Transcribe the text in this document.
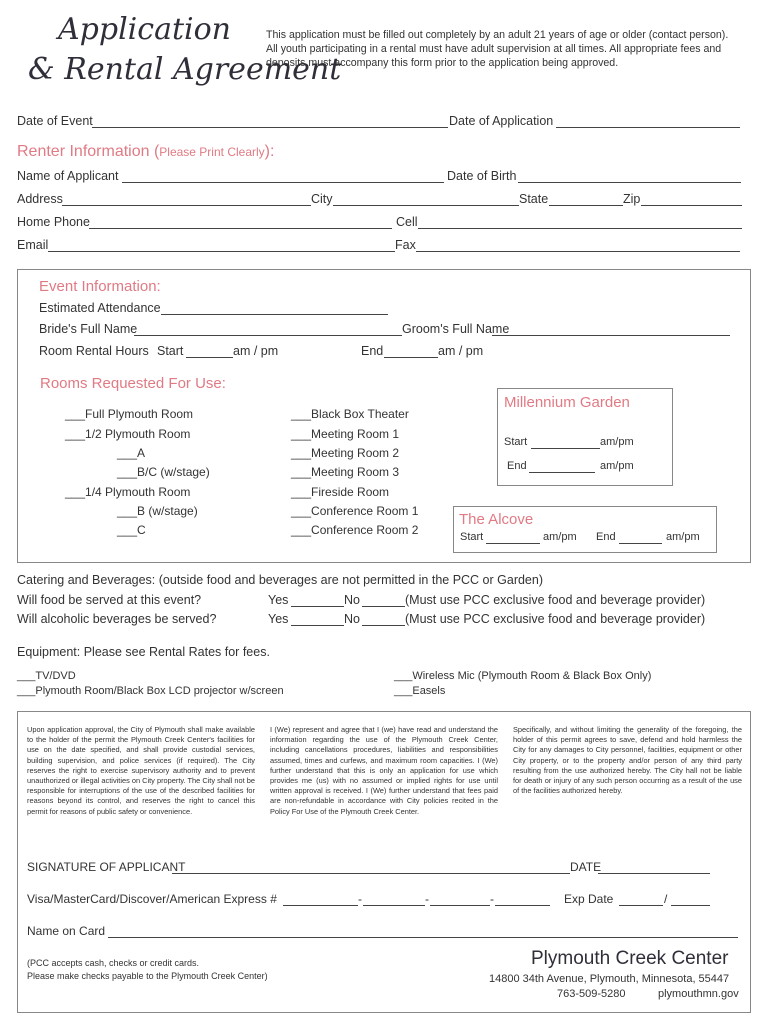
Application
& Rental Agreement
This application must be filled out completely by an adult 21 years of age or older (contact person).
All youth participating in a rental must have adult supervision at all times. All appropriate fees and
deposits must accompany this form prior to the application being approved.
Date of Event	Date of Application
Renter Information (Please Print Clearly):
Name of Applicant	Date of Birth
Address	City	State	Zip
Home Phone	Cell
Email	Fax
Event Information:
Estimated Attendance
Bride's Full Name	Groom's Full Name
Room Rental Hours Start	am / pm	End	am / pm
Rooms Requested For Use:
___Full Plymouth Room
___1/2 Plymouth Room
___A
___B/C (w/stage)
___1/4 Plymouth Room
___B (w/stage)
___C
___Black Box Theater
___Meeting Room 1
___Meeting Room 2
___Meeting Room 3
___Fireside Room
___Conference Room 1
___Conference Room 2
Millennium Garden
Start	am/pm
End	am/pm
The Alcove
Start	am/pm End	am/pm
Catering and Beverages: (outside food and beverages are not permitted in the PCC or Garden)
Will food be served at this event?	Yes	No	(Must use PCC exclusive food and beverage provider)
Will alcoholic beverages be served?	Yes	No	(Must use PCC exclusive food and beverage provider)
Equipment: Please see Rental Rates for fees.
___TV/DVD
___Plymouth Room/Black Box LCD projector w/screen
___Wireless Mic (Plymouth Room & Black Box Only)
___Easels
Upon application approval, the City of Plymouth shall make available to the holder of the permit the Plymouth Creek Center's facilities for use on the date specified, and shall provide custodial services, building supervision, and police services (if required). The City reserves the right to exercise supervisory authority and to prevent unauthorized or illegal activities on City property. The City shall not be responsible for interruptions of the use of the described facilities for reasons beyond its control, and reserves the right to cancel this permit for reasons of public safety or convenience.
I (We) represent and agree that I (we) have read and understand the information regarding the use of the Plymouth Creek Center, including cancellations procedures, liabilities and responsibilities assumed, times and curfews, and maximum room capacities. I (We) further understand that this is only an application for use which provides me (us) with no assumed or implied rights for use until written approval is received. I (We) further understand that fees paid are non-refundable in accordance with City policies recited in the Policy For Use of the Plymouth Creek Center.
Specifically, and without limiting the generality of the foregoing, the holder of this permit agrees to save, defend and hold harmless the City for any damages to City personnel, facilities, equipment or other City property, or to the property and/or person of any third party resulting from the use authorized hereby. The City hall not be liable for death or injury of any such person occurring as a result of the use of the facilities authorized hereby.
SIGNATURE OF APPLICANT	DATE
Visa/MasterCard/Discover/American Express #	-	-	-	Exp Date	/
Name on Card
(PCC accepts cash, checks or credit cards.
Please make checks payable to the Plymouth Creek Center)
Plymouth Creek Center
14800 34th Avenue, Plymouth, Minnesota, 55447
763-509-5280	plymouthmn.gov
